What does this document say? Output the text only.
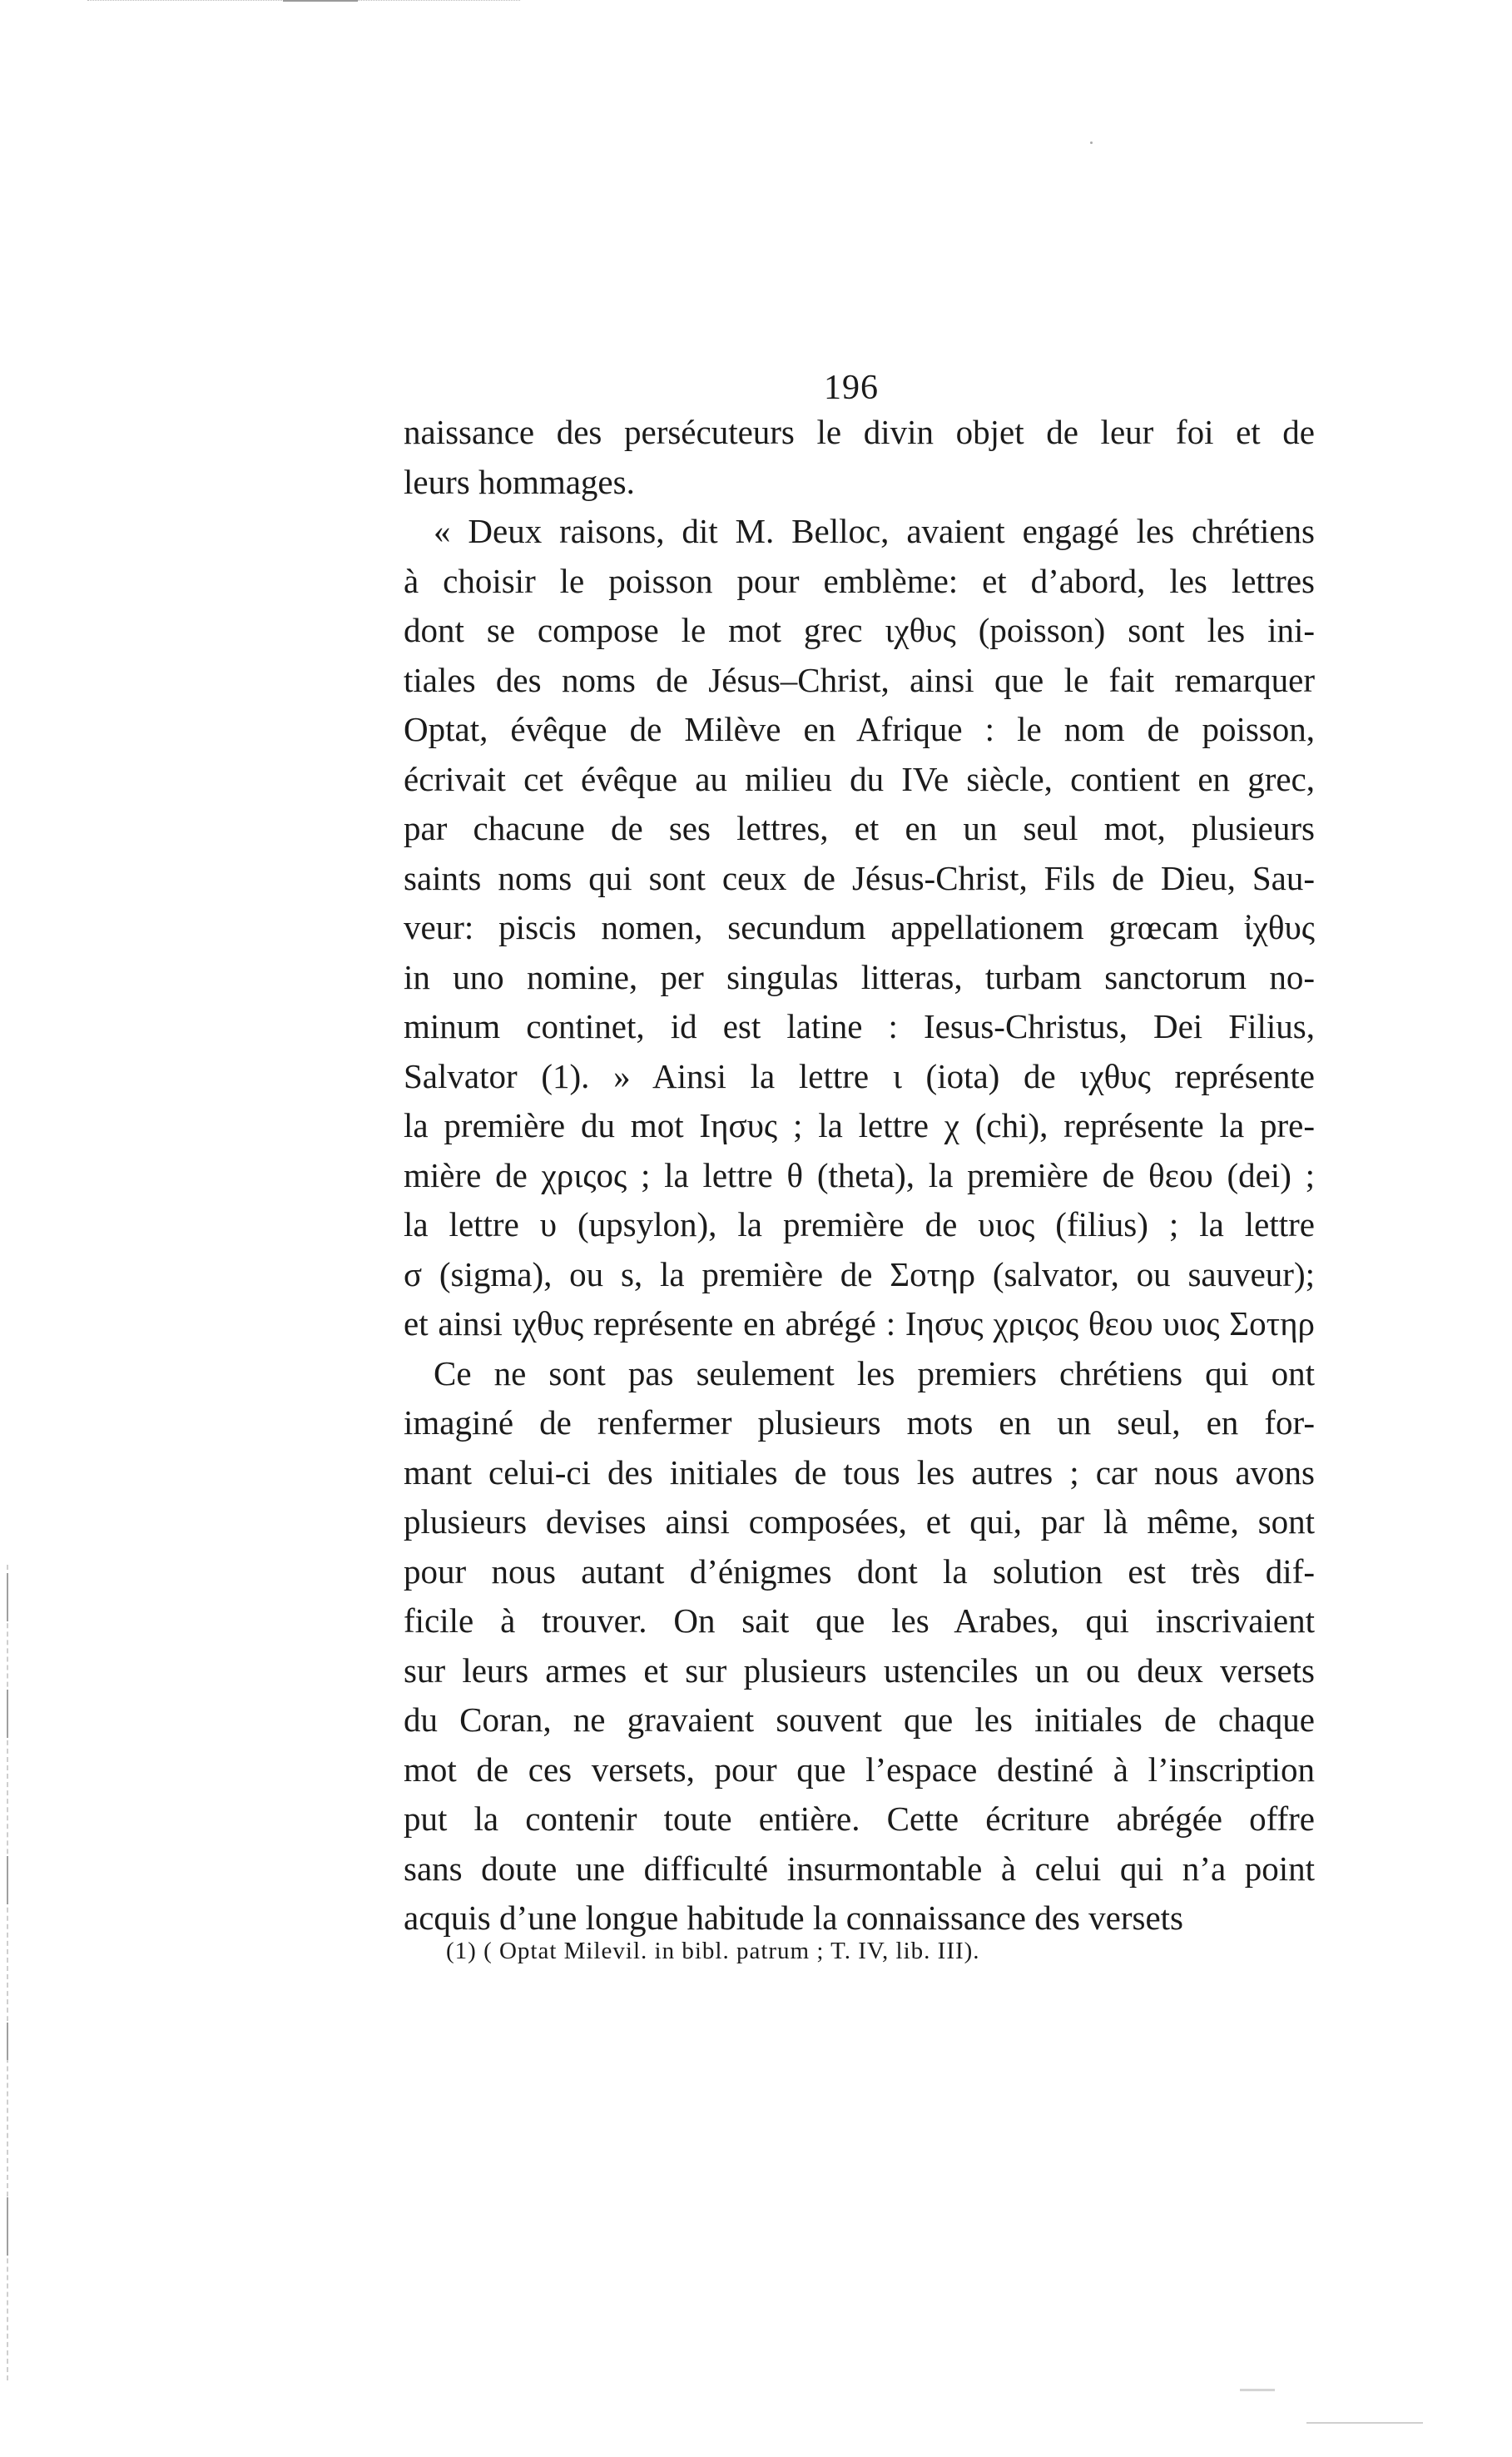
196
naissance des persécuteurs le divin objet de leur foi et de
leurs hommages.
« Deux raisons, dit M. Belloc, avaient engagé les chrétiens
à choisir le poisson pour emblème: et d’abord, les lettres
dont se compose le mot grec ιχθυς (poisson) sont les ini-
tiales des noms de Jésus–Christ, ainsi que le fait remarquer
Optat, évêque de Milève en Afrique : le nom de poisson,
écrivait cet évêque au milieu du IVe siècle, contient en grec,
par chacune de ses lettres, et en un seul mot, plusieurs
saints noms qui sont ceux de Jésus-Christ, Fils de Dieu, Sau-
veur: piscis nomen, secundum appellationem grœcam ἰχθυς
in uno nomine, per singulas litteras, turbam sanctorum no-
minum continet, id est latine : Iesus-Christus, Dei Filius,
Salvator (1). » Ainsi la lettre ι (iota) de ιχθυς représente
la première du mot Ιησυς ; la lettre χ (chi), représente la pre-
mière de χριςος ; la lettre θ (theta), la première de θεου (dei) ;
la lettre υ (upsylon), la première de υιος (filius) ; la lettre
σ (sigma), ou s, la première de Σοτηρ (salvator, ou sauveur);
et ainsi ιχθυς représente en abrégé : Ιησυς χριςος θεου υιος Σοτηρ
Ce ne sont pas seulement les premiers chrétiens qui ont
imaginé de renfermer plusieurs mots en un seul, en for-
mant celui-ci des initiales de tous les autres ; car nous avons
plusieurs devises ainsi composées, et qui, par là même, sont
pour nous autant d’énigmes dont la solution est très dif-
ficile à trouver. On sait que les Arabes, qui inscrivaient
sur leurs armes et sur plusieurs ustenciles un ou deux versets
du Coran, ne gravaient souvent que les initiales de chaque
mot de ces versets, pour que l’espace destiné à l’inscription
put la contenir toute entière. Cette écriture abrégée offre
sans doute une difficulté insurmontable à celui qui n’a point
acquis d’une longue habitude la connaissance des versets
(1) ( Optat Milevil. in bibl. patrum ; T. IV, lib. III).
